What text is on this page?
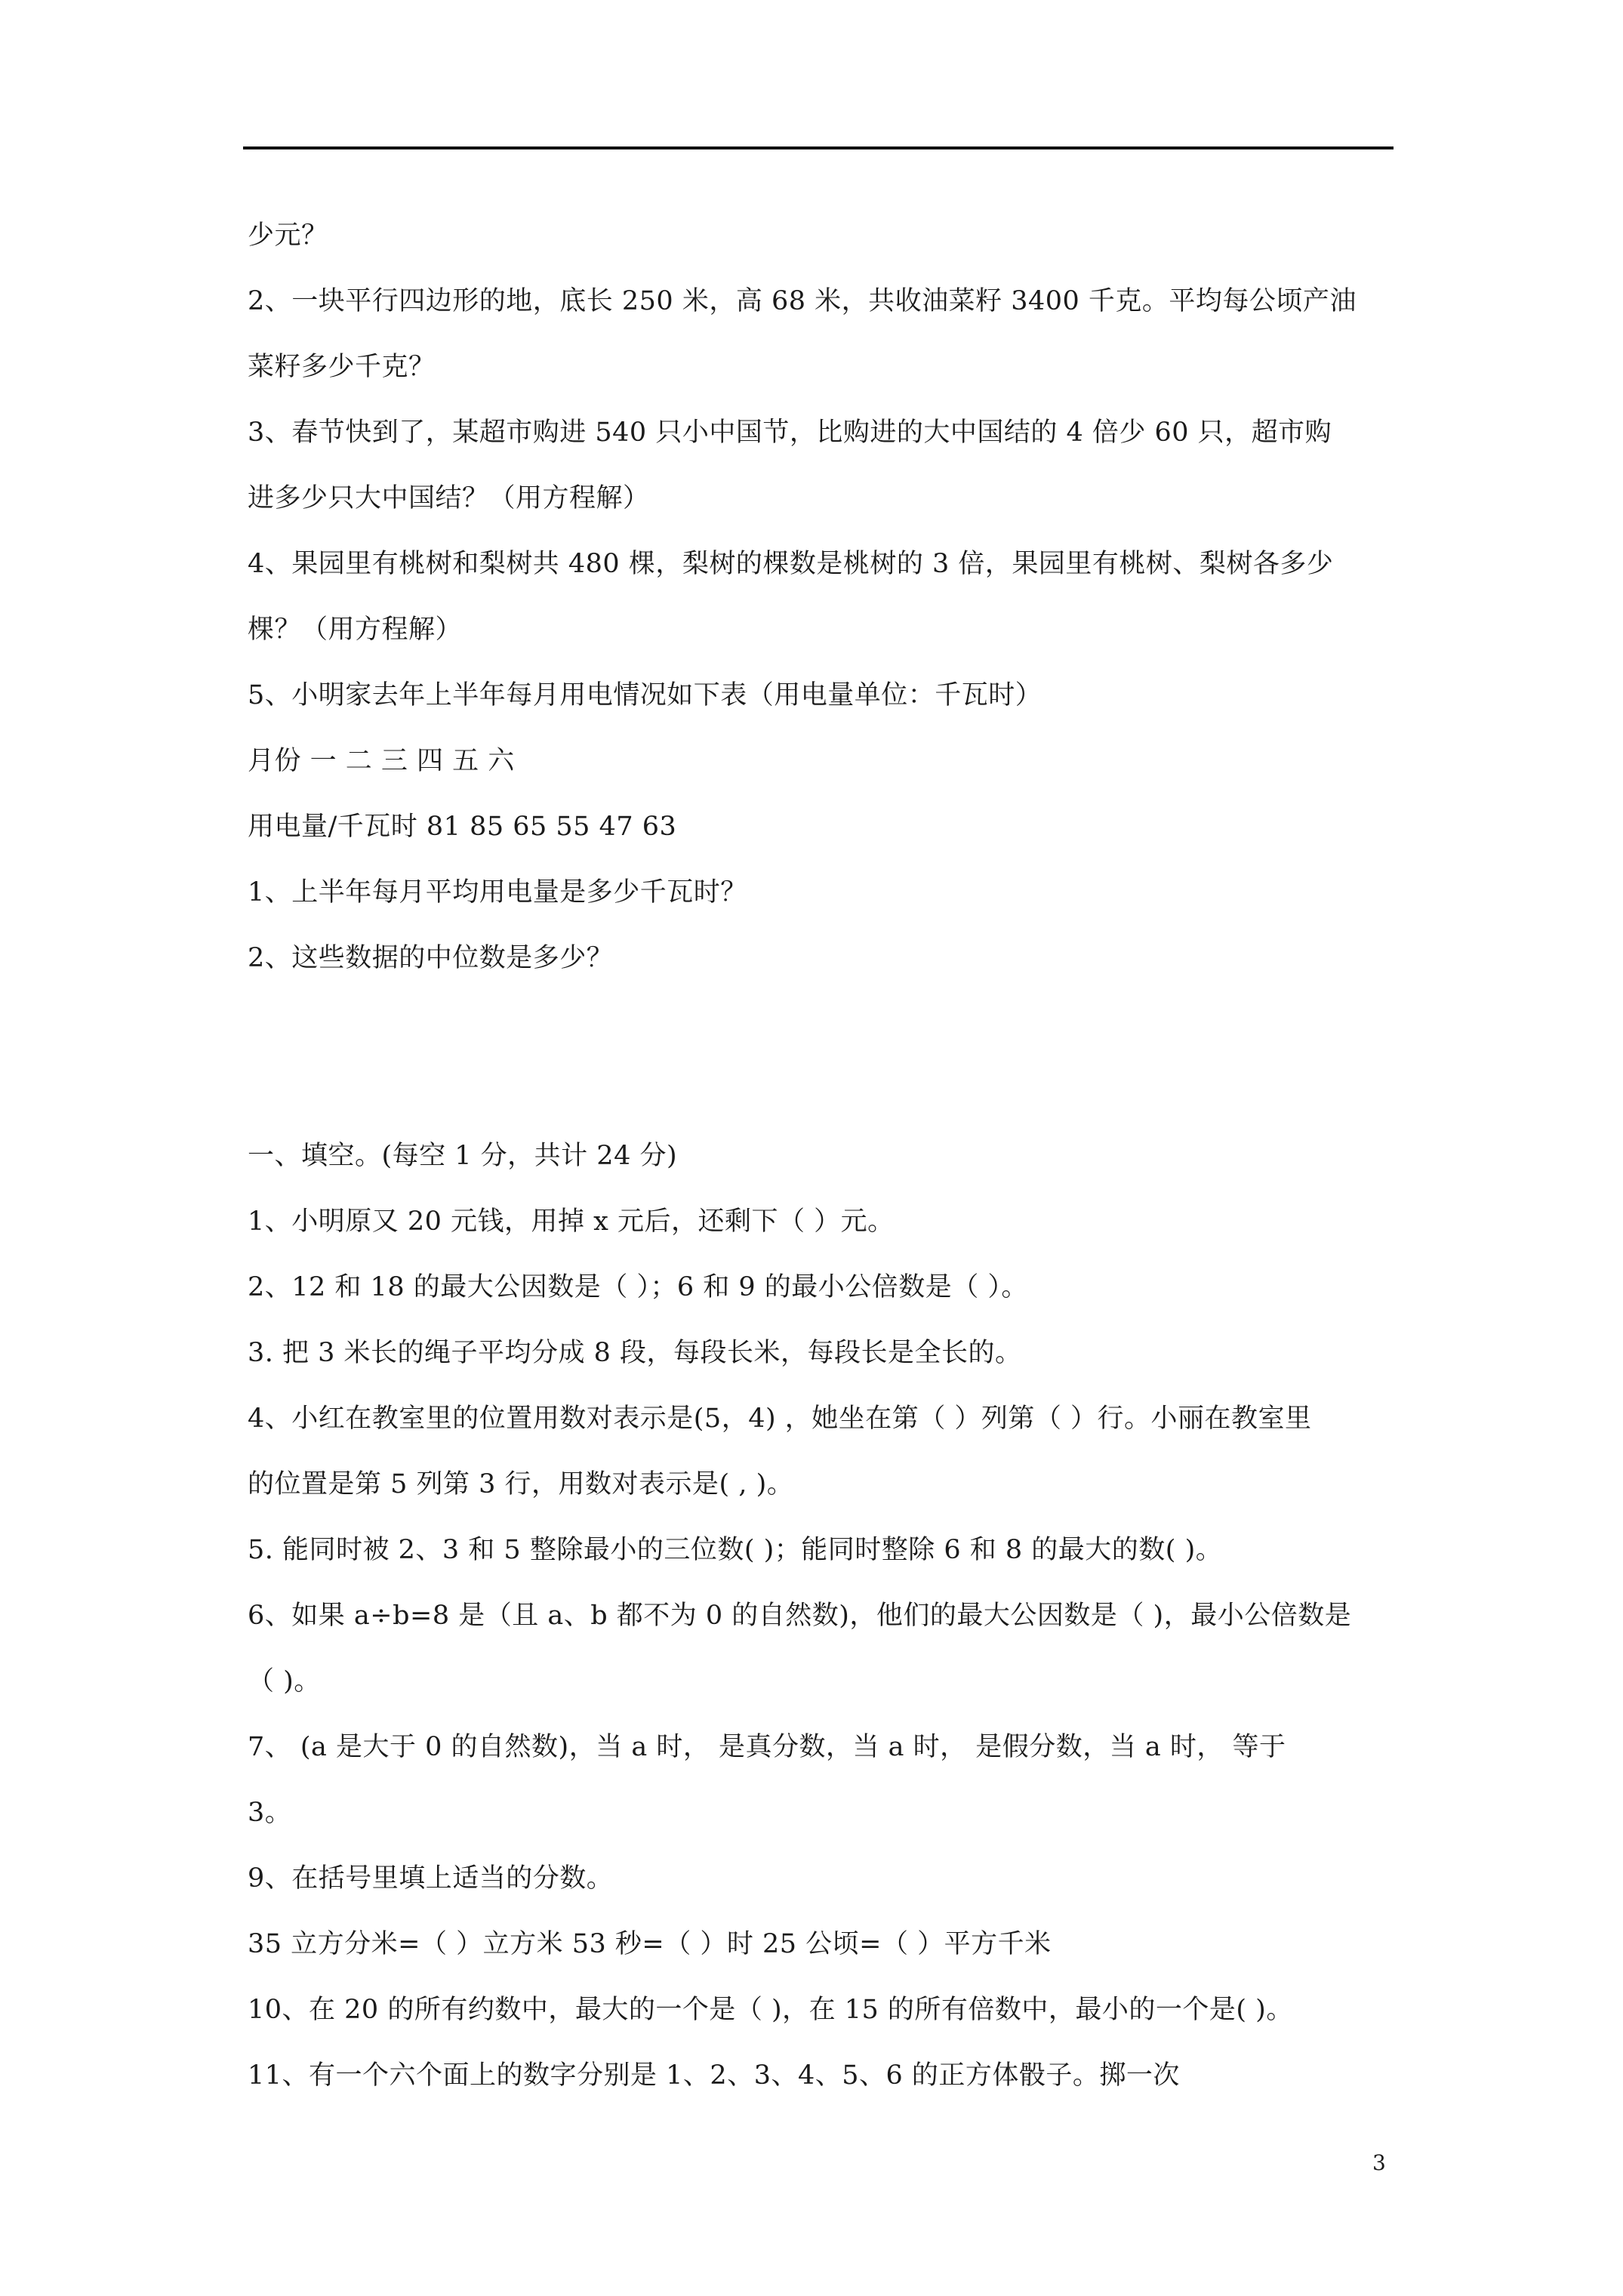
少元？
2、一块平行四边形的地，底长 250 米，高 68 米，共收油菜籽 3400 千克。平均每公顷产油
菜籽多少千克？
3、春节快到了，某超市购进 540 只小中国节，比购进的大中国结的 4 倍少 60 只，超市购
进多少只大中国结？（用方程解）
4、果园里有桃树和梨树共 480 棵，梨树的棵数是桃树的 3 倍，果园里有桃树、梨树各多少
棵？（用方程解）
5、小明家去年上半年每月用电情况如下表（用电量单位：千瓦时）
月份 一 二 三 四 五 六
用电量/千瓦时 81 85 65 55 47 63
1、上半年每月平均用电量是多少千瓦时？
2、这些数据的中位数是多少？
一、填空。(每空 1 分，共计 24 分)
1、小明原又 20 元钱，用掉 x 元后，还剩下（ ）元。
2、12 和 18 的最大公因数是（ ）；6 和 9 的最小公倍数是（ ）。
3. 把 3 米长的绳子平均分成 8 段，每段长米，每段长是全长的。
4、小红在教室里的位置用数对表示是(5，4) ，她坐在第（ ）列第（ ）行。小丽在教室里
的位置是第 5 列第 3 行，用数对表示是( , )。
5. 能同时被 2、3 和 5 整除最小的三位数( )；能同时整除 6 和 8 的最大的数( )。
6、如果 a÷b=8 是（且 a、b 都不为 0 的自然数)，他们的最大公因数是（ )，最小公倍数是
（ )。
7、 (a 是大于 0 的自然数)，当 a 时， 是真分数，当 a 时， 是假分数，当 a 时， 等于
3。
9、在括号里填上适当的分数。
35 立方分米=（ ）立方米 53 秒=（ ）时 25 公顷=（ ）平方千米
10、在 20 的所有约数中，最大的一个是（ )，在 15 的所有倍数中，最小的一个是( )。
11、有一个六个面上的数字分别是 1、2、3、4、5、6 的正方体骰子。掷一次
3
